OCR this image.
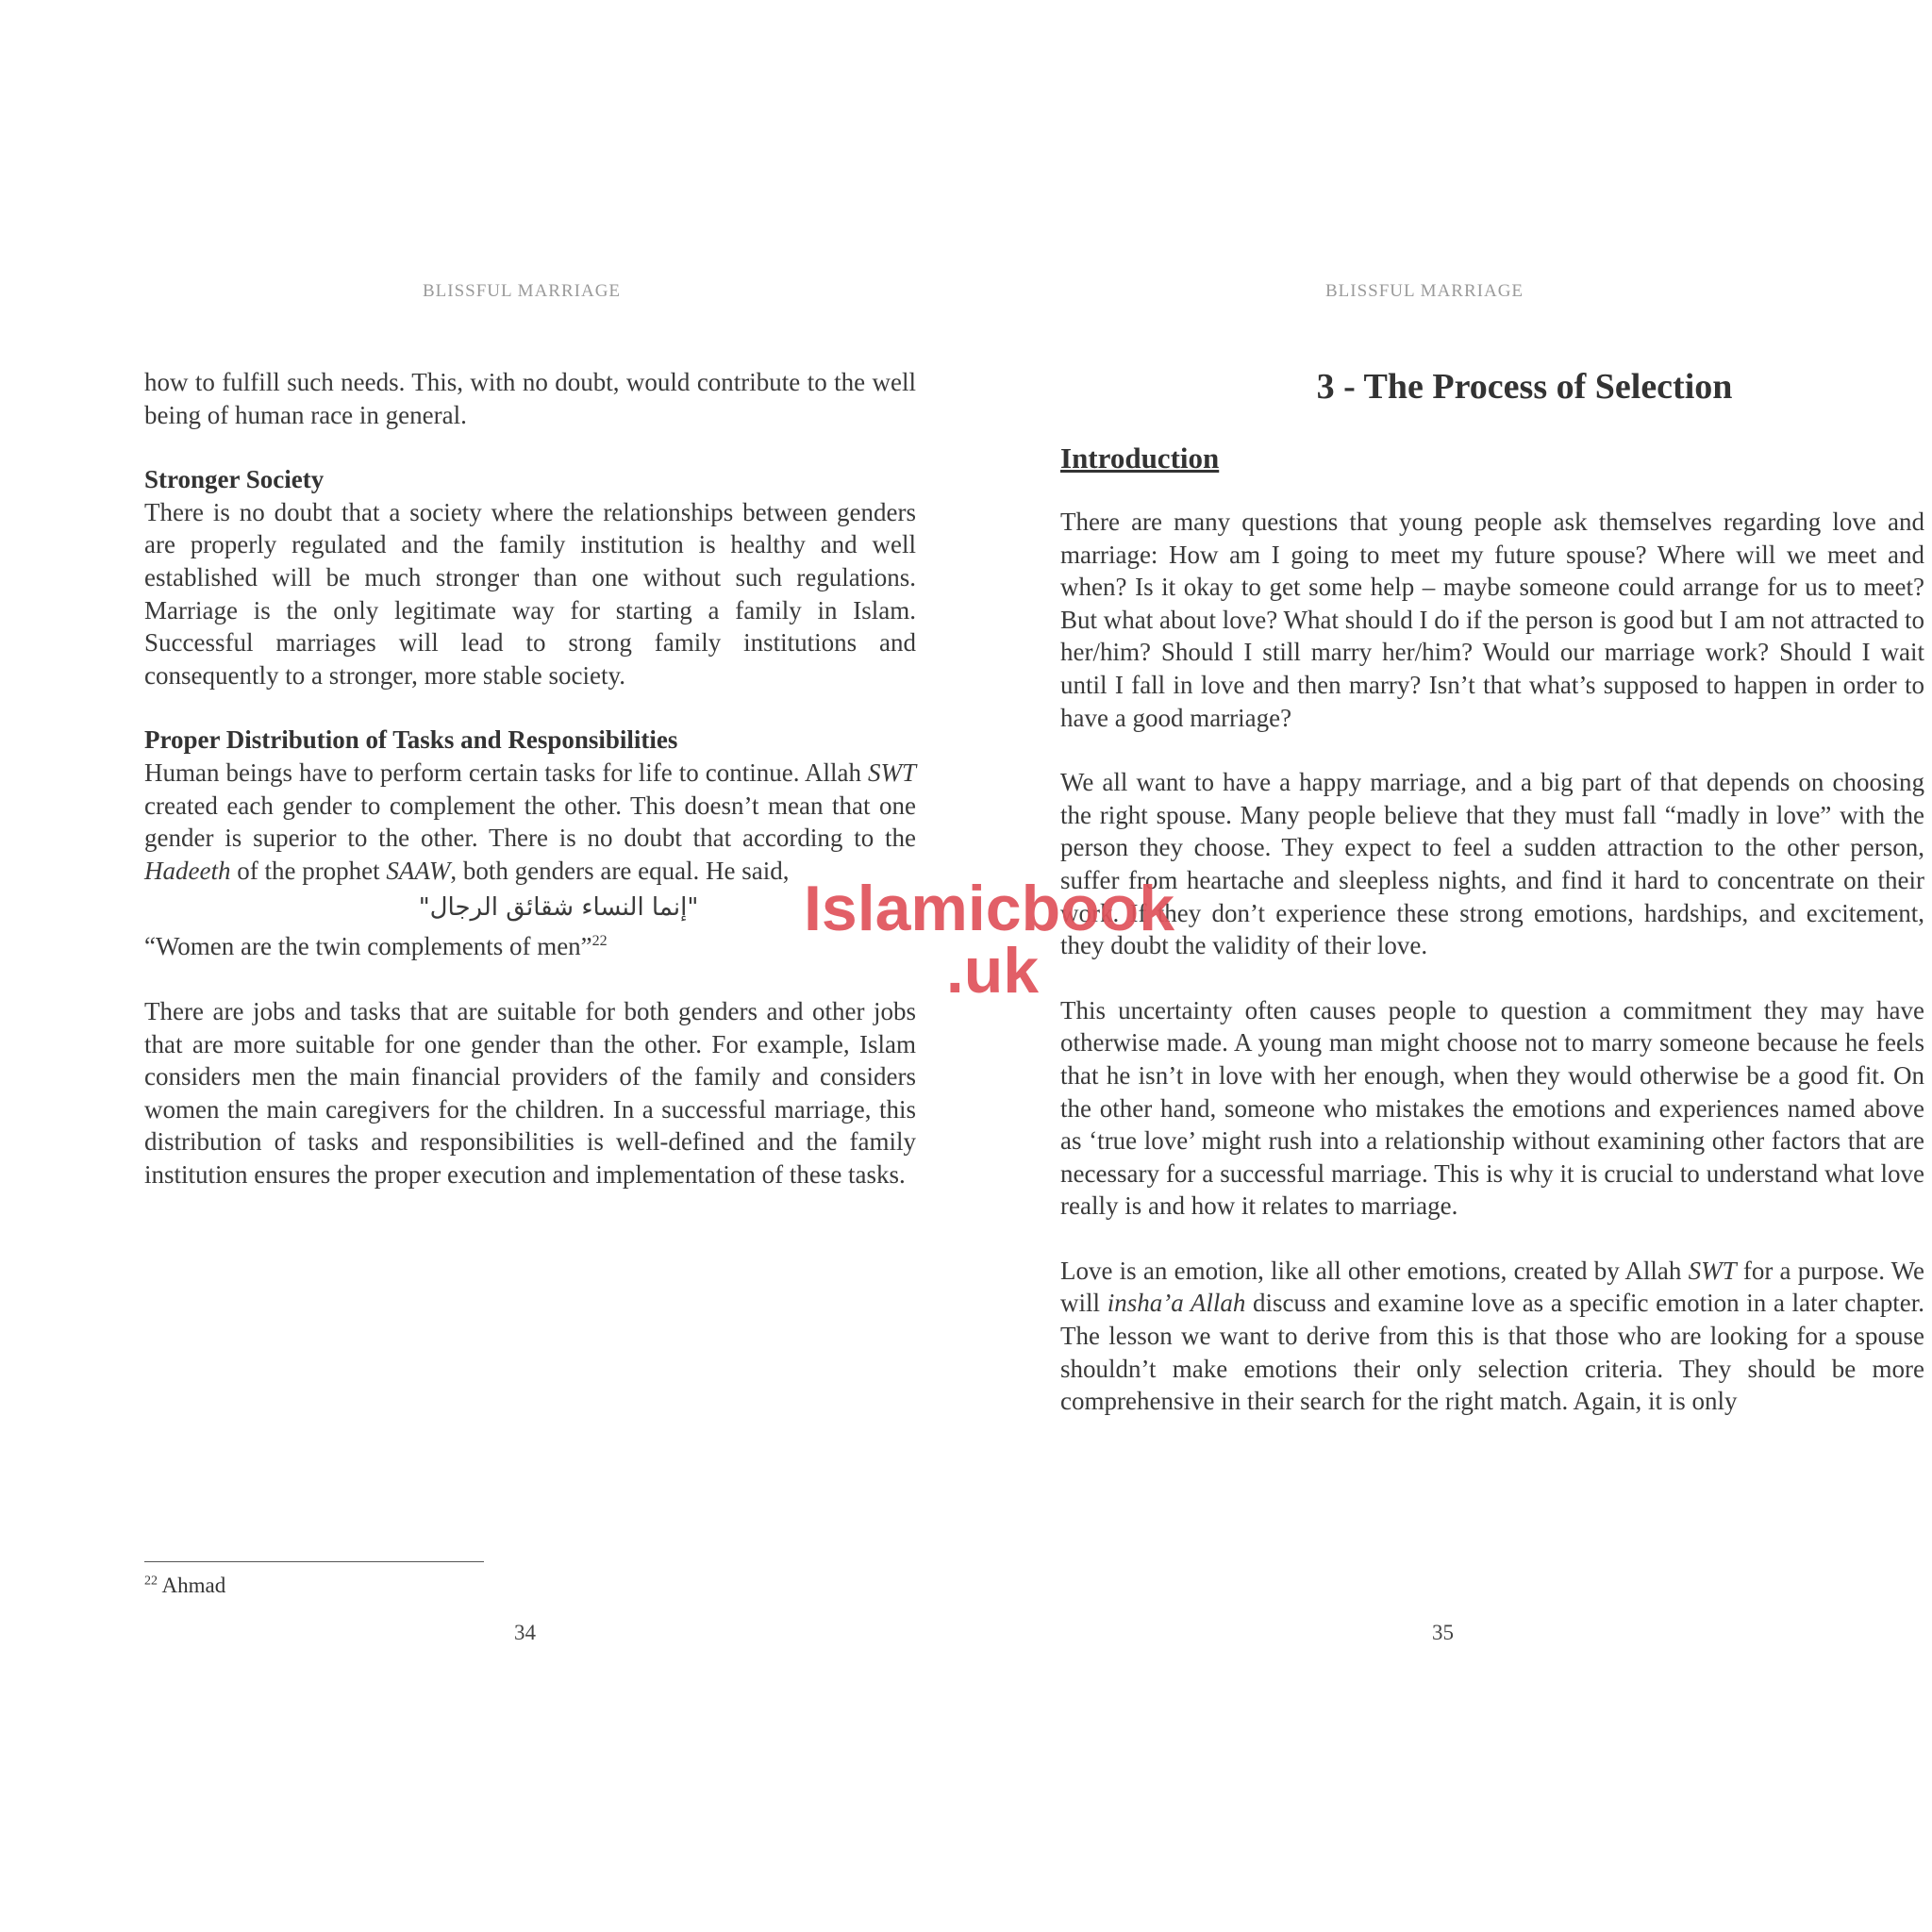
BLISSFUL MARRIAGE

how to fulfill such needs. This, with no doubt, would contribute to the well being of human race in general.

Stronger Society

There is no doubt that a society where the relationships between genders are properly regulated and the family institution is healthy and well established will be much stronger than one without such regulations. Marriage is the only legitimate way for starting a family in Islam. Successful marriages will lead to strong family institutions and consequently to a stronger, more stable society.

Proper Distribution of Tasks and Responsibilities

Human beings have to perform certain tasks for life to continue. Allah SWT created each gender to complement the other. This doesn’t mean that one gender is superior to the other. There is no doubt that according to the Hadeeth of the prophet SAAW, both genders are equal. He said,

"إنما النساء شقائق الرجال"

“Women are the twin complements of men”$^{22}$

There are jobs and tasks that are suitable for both genders and other jobs that are more suitable for one gender than the other. For example, Islam considers men the main financial providers of the family and considers women the main caregivers for the children. In a successful marriage, this distribution of tasks and responsibilities is well-defined and the family institution ensures the proper execution and implementation of these tasks.

$^{22}$ Ahmad
34
BLISSFUL MARRIAGE
3 - The Process of Selection
Introduction

There are many questions that young people ask themselves regarding love and marriage: How am I going to meet my future spouse? Where will we meet and when? Is it okay to get some help – maybe someone could arrange for us to meet? But what about love? What should I do if the person is good but I am not attracted to her/him? Should I still marry her/him? Would our marriage work? Should I wait until I fall in love and then marry? Isn’t that what’s supposed to happen in order to have a good marriage?

We all want to have a happy marriage, and a big part of that depends on choosing the right spouse. Many people believe that they must fall “madly in love” with the person they choose. They expect to feel a sudden attraction to the other person, suffer from heartache and sleepless nights, and find it hard to concentrate on their work. If they don’t experience these strong emotions, hardships, and excitement, they doubt the validity of their love.

This uncertainty often causes people to question a commitment they may have otherwise made. A young man might choose not to marry someone because he feels that he isn’t in love with her enough, when they would otherwise be a good fit. On the other hand, someone who mistakes the emotions and experiences named above as ‘true love’ might rush into a relationship without examining other factors that are necessary for a successful marriage. This is why it is crucial to understand what love really is and how it relates to marriage.

Love is an emotion, like all other emotions, created by Allah SWT for a purpose. We will insha’a Allah discuss and examine love as a specific emotion in a later chapter. The lesson we want to derive from this is that those who are looking for a spouse shouldn’t make emotions their only selection criteria. They should be more comprehensive in their search for the right match. Again, it is only

35
Islamicbook
.uk
